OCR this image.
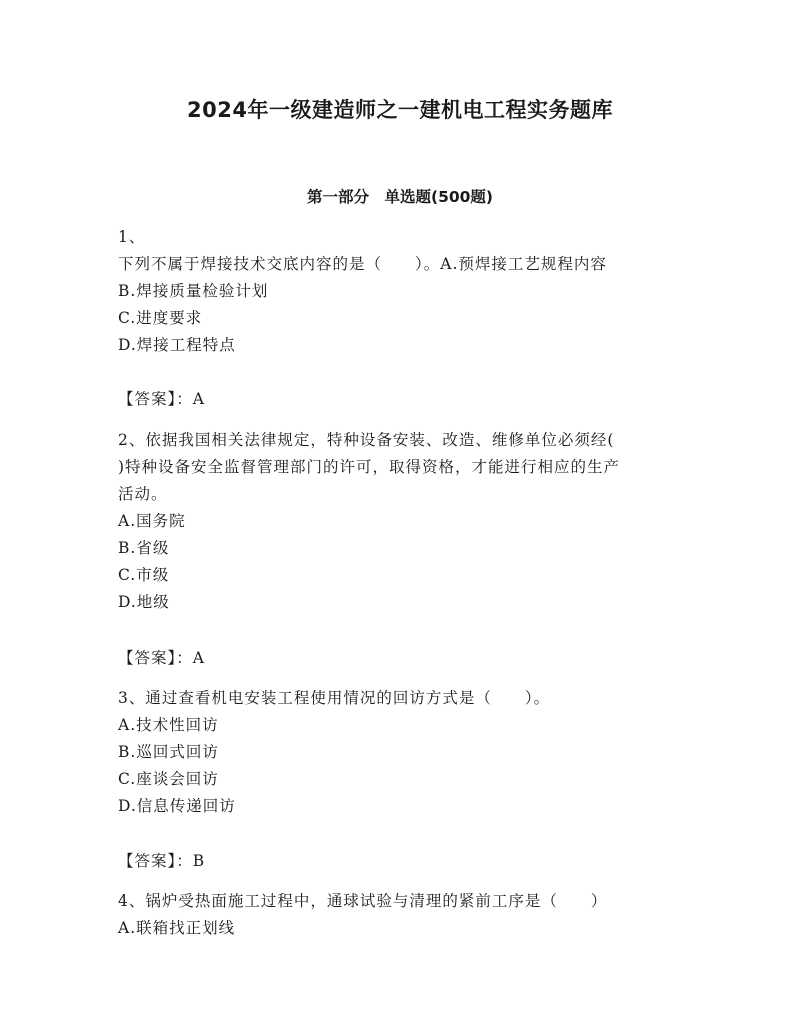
2024年一级建造师之一建机电工程实务题库
第一部分　单选题(500题)
1、
下列不属于焊接技术交底内容的是（　　）。A.预焊接工艺规程内容
B.焊接质量检验计划
C.进度要求
D.焊接工程特点
【答案】：A
2、依据我国相关法律规定，特种设备安装、改造、维修单位必须经(
)特种设备安全监督管理部门的许可，取得资格，才能进行相应的生产
活动。
A.国务院
B.省级
C.市级
D.地级
【答案】：A
3、通过查看机电安装工程使用情况的回访方式是（　　）。
A.技术性回访
B.巡回式回访
C.座谈会回访
D.信息传递回访
【答案】：B
4、锅炉受热面施工过程中，通球试验与清理的紧前工序是（　　）
A.联箱找正划线
